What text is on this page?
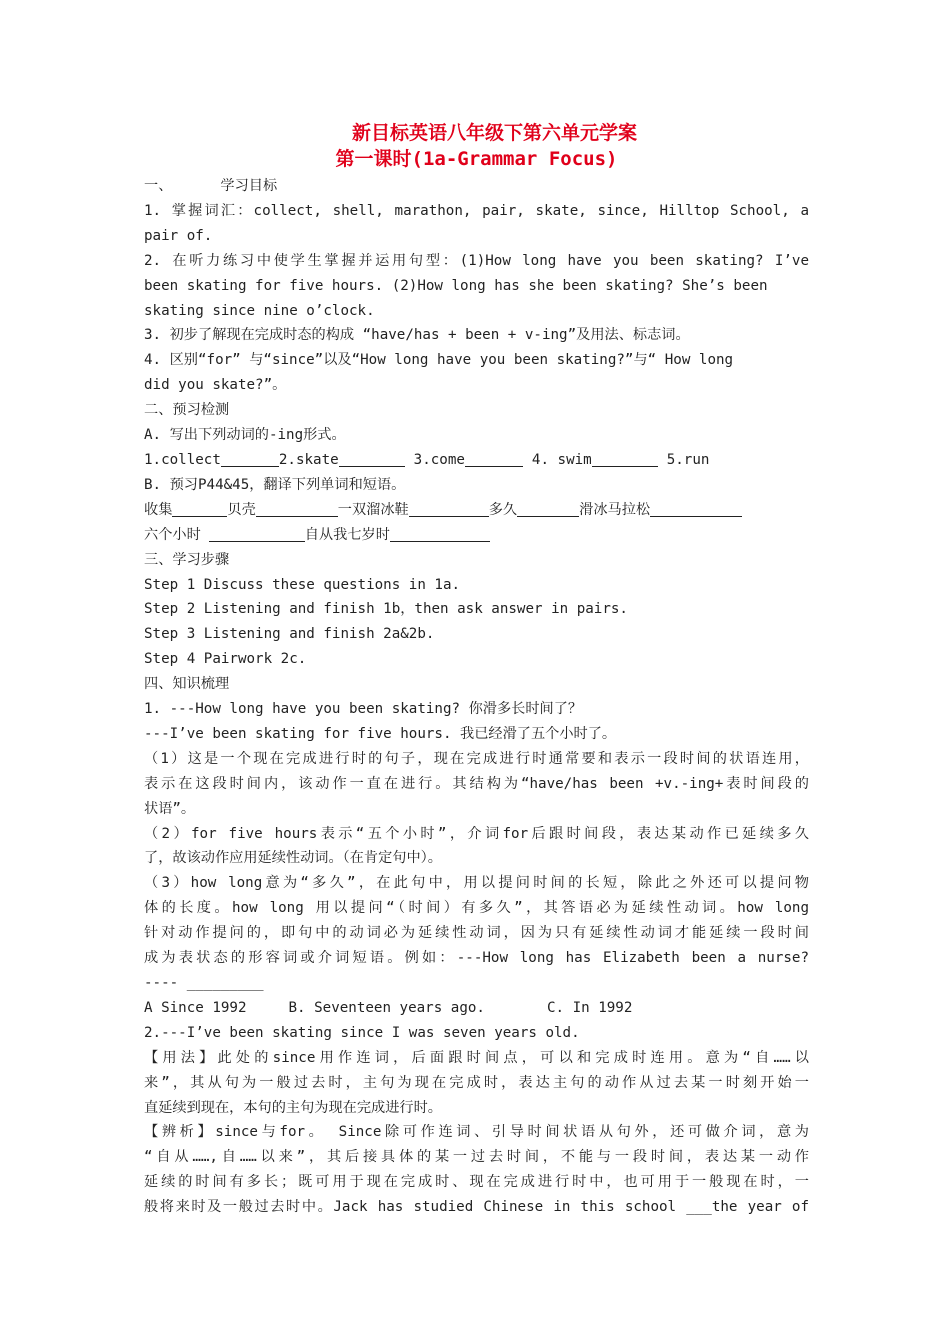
新目标英语八年级下第六单元学案
第一课时(1a-Grammar Focus)
一、	学习目标
1. 掌握词汇：collect, shell, marathon, pair, skate, since, Hilltop School, a
pair of.
2. 在听力练习中使学生掌握并运用句型：(1)How long have you been skating? I’ve
been skating for five hours. (2)How long has she been skating? She’s been
skating since nine o’clock.
3. 初步了解现在完成时态的构成 “have/has + been + v-ing”及用法、标志词。
4. 区别“for” 与“since”以及“How long have you been skating?”与“ How long
did you skate?”。
二、预习检测
A. 写出下列动词的-ing形式。
1.collect	2.skate	3.come	4. swim	5.run
B. 预习P44&45，翻译下列单词和短语。
收集	贝壳	一双溜冰鞋	多久	滑冰马拉松
六个小时	自从我七岁时
三、学习步骤
Step 1 Discuss these questions in 1a.
Step 2 Listening and finish 1b，then ask answer in pairs.
Step 3 Listening and finish 2a&2b.
Step 4 Pairwork 2c.
四、知识梳理
1. ---How long have you been skating? 你滑多长时间了？
---I’ve been skating for five hours. 我已经滑了五个小时了。
（1）这是一个现在完成进行时的句子，现在完成进行时通常要和表示一段时间的状语连用，
表示在这段时间内，该动作一直在进行。其结构为“have/has been +v.-ing+表时间段的
状语”。
（2）for five hours表示“五个小时”，介词for后跟时间段，表达某动作已延续多久
了，故该动作应用延续性动词。（在肯定句中）。
（3）how long意为“多久”，在此句中，用以提问时间的长短，除此之外还可以提问物
体的长度。how long 用以提问“（时间）有多久”，其答语必为延续性动词。how long
针对动作提问的，即句中的动词必为延续性动词，因为只有延续性动词才能延续一段时间
成为表状态的形容词或介词短语。例如：---How long has Elizabeth been a nurse?
---- _________
A Since 1992	B. Seventeen years ago.	C. In 1992
2.---I’ve been skating since I was seven years old.
【用法】此处的since用作连词，后面跟时间点，可以和完成时连用。意为“自……以
来”，其从句为一般过去时，主句为现在完成时，表达主句的动作从过去某一时刻开始一
直延续到现在，本句的主句为现在完成进行时。
【辨析】since与for。 Since除可作连词、引导时间状语从句外，还可做介词，意为
“自从……,自……以来”，其后接具体的某一过去时间，不能与一段时间，表达某一动作
延续的时间有多长；既可用于现在完成时、现在完成进行时中，也可用于一般现在时，一
般将来时及一般过去时中。Jack has studied Chinese in this school ___the year of
